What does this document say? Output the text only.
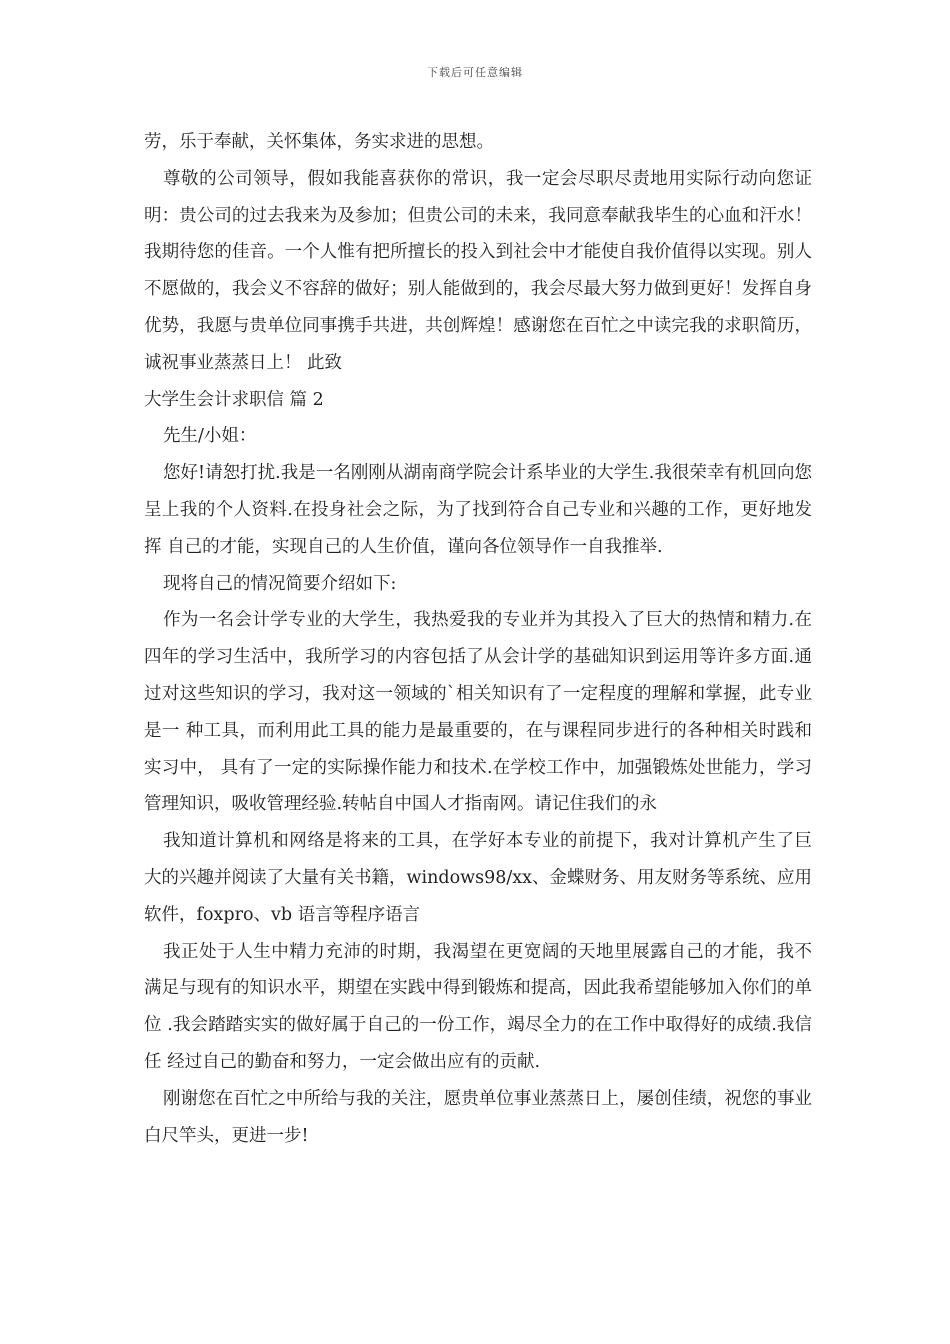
下载后可任意编辑

劳，乐于奉献，关怀集体，务实求进的思想。

尊敬的公司领导，假如我能喜获你的常识，我一定会尽职尽责地用实际行动向您证明：贵公司的过去我来为及参加；但贵公司的未来，我同意奉献我毕生的心血和汗水！我期待您的佳音。一个人惟有把所擅长的投入到社会中才能使自我价值得以实现。别人不愿做的，我会义不容辞的做好；别人能做到的，我会尽最大努力做到更好！发挥自身优势，我愿与贵单位同事携手共进，共创辉煌！感谢您在百忙之中读完我的求职简历，诚祝事业蒸蒸日上！ 此致

大学生会计求职信 篇 2

先生/小姐：

您好!请恕打扰.我是一名刚刚从湖南商学院会计系毕业的大学生.我很荣幸有机回向您 呈上我的个人资料.在投身社会之际，为了找到符合自己专业和兴趣的工作，更好地发挥 自己的才能，实现自己的人生价值，谨向各位领导作一自我推举.

现将自己的情况简要介绍如下:

作为一名会计学专业的大学生，我热爱我的专业并为其投入了巨大的热情和精力.在四年的学习生活中，我所学习的内容包括了从会计学的基础知识到运用等许多方面.通 过对这些知识的学习，我对这一领域的`相关知识有了一定程度的理解和掌握，此专业是一 种工具，而利用此工具的能力是最重要的，在与课程同步进行的各种相关时践和实习中， 具有了一定的实际操作能力和技术.在学校工作中，加强锻炼处世能力，学习管理知识，吸收管理经验.转帖自中国人才指南网。请记住我们的永

我知道计算机和网络是将来的工具，在学好本专业的前提下，我对计算机产生了巨 大的兴趣并阅读了大量有关书籍，windows98/xx、金蝶财务、用友财务等系统、应用 软件，foxpro、vb 语言等程序语言

我正处于人生中精力充沛的时期，我渴望在更宽阔的天地里展露自己的才能，我不 满足与现有的知识水平，期望在实践中得到锻炼和提高，因此我希望能够加入你们的单位 .我会踏踏实实的做好属于自己的一份工作，竭尽全力的在工作中取得好的成绩.我信任 经过自己的勤奋和努力，一定会做出应有的贡献.

刚谢您在百忙之中所给与我的关注，愿贵单位事业蒸蒸日上，屡创佳绩，祝您的事业 白尺竿头，更进一步!
